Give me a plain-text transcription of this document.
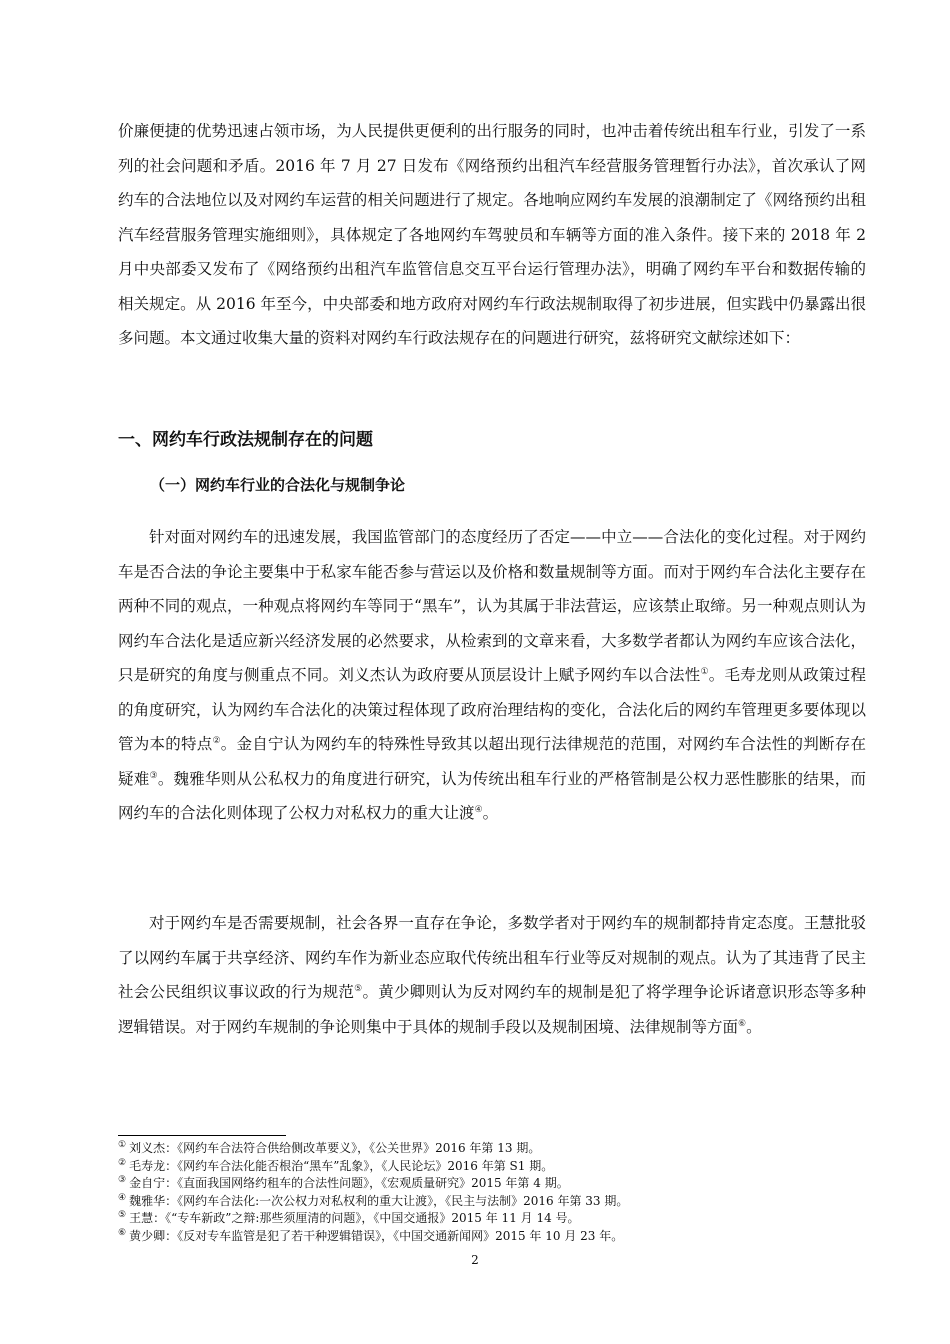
价廉便捷的优势迅速占领市场，为人民提供更便利的出行服务的同时，也冲击着传统出租车行业，引发了一系列的社会问题和矛盾。2016 年 7 月 27 日发布《网络预约出租汽车经营服务管理暂行办法》，首次承认了网约车的合法地位以及对网约车运营的相关问题进行了规定。各地响应网约车发展的浪潮制定了《网络预约出租汽车经营服务管理实施细则》，具体规定了各地网约车驾驶员和车辆等方面的准入条件。接下来的 2018 年 2 月中央部委又发布了《网络预约出租汽车监管信息交互平台运行管理办法》，明确了网约车平台和数据传输的相关规定。从 2016 年至今，中央部委和地方政府对网约车行政法规制取得了初步进展，但实践中仍暴露出很多问题。本文通过收集大量的资料对网约车行政法规存在的问题进行研究，兹将研究文献综述如下：

一、网约车行政法规制存在的问题
（一）网约车行业的合法化与规制争论

针对面对网约车的迅速发展，我国监管部门的态度经历了否定——中立——合法化的变化过程。对于网约车是否合法的争论主要集中于私家车能否参与营运以及价格和数量规制等方面。而对于网约车合法化主要存在两种不同的观点，一种观点将网约车等同于“黑车”，认为其属于非法营运，应该禁止取缔。另一种观点则认为网约车合法化是适应新兴经济发展的必然要求，从检索到的文章来看，大多数学者都认为网约车应该合法化，只是研究的角度与侧重点不同。刘义杰认为政府要从顶层设计上赋予网约车以合法性①。毛寿龙则从政策过程的角度研究，认为网约车合法化的决策过程体现了政府治理结构的变化，合法化后的网约车管理更多要体现以管为本的特点②。金自宁认为网约车的特殊性导致其以超出现行法律规范的范围，对网约车合法性的判断存在疑难③。魏雅华则从公私权力的角度进行研究，认为传统出租车行业的严格管制是公权力恶性膨胀的结果，而网约车的合法化则体现了公权力对私权力的重大让渡④。

对于网约车是否需要规制，社会各界一直存在争论，多数学者对于网约车的规制都持肯定态度。王慧批驳了以网约车属于共享经济、网约车作为新业态应取代传统出租车行业等反对规制的观点。认为了其违背了民主社会公民组织议事议政的行为规范⑤。黄少卿则认为反对网约车的规制是犯了将学理争论诉诸意识形态等多种逻辑错误。对于网约车规制的争论则集中于具体的规制手段以及规制困境、法律规制等方面⑥。

① 刘义杰：《网约车合法符合供给侧改革要义》，《公关世界》2016 年第 13 期。
② 毛寿龙：《网约车合法化能否根治“黑车”乱象》，《人民论坛》2016 年第 S1 期。
③ 金自宁：《直面我国网络约租车的合法性问题》，《宏观质量研究》2015 年第 4 期。
④ 魏雅华：《网约车合法化:一次公权力对私权利的重大让渡》，《民主与法制》2016 年第 33 期。
⑤ 王慧：《“专车新政”之辩:那些须厘清的问题》，《中国交通报》2015 年 11 月 14 号。
⑥ 黄少卿：《反对专车监管是犯了若干种逻辑错误》，《中国交通新闻网》2015 年 10 月 23 年。
2
